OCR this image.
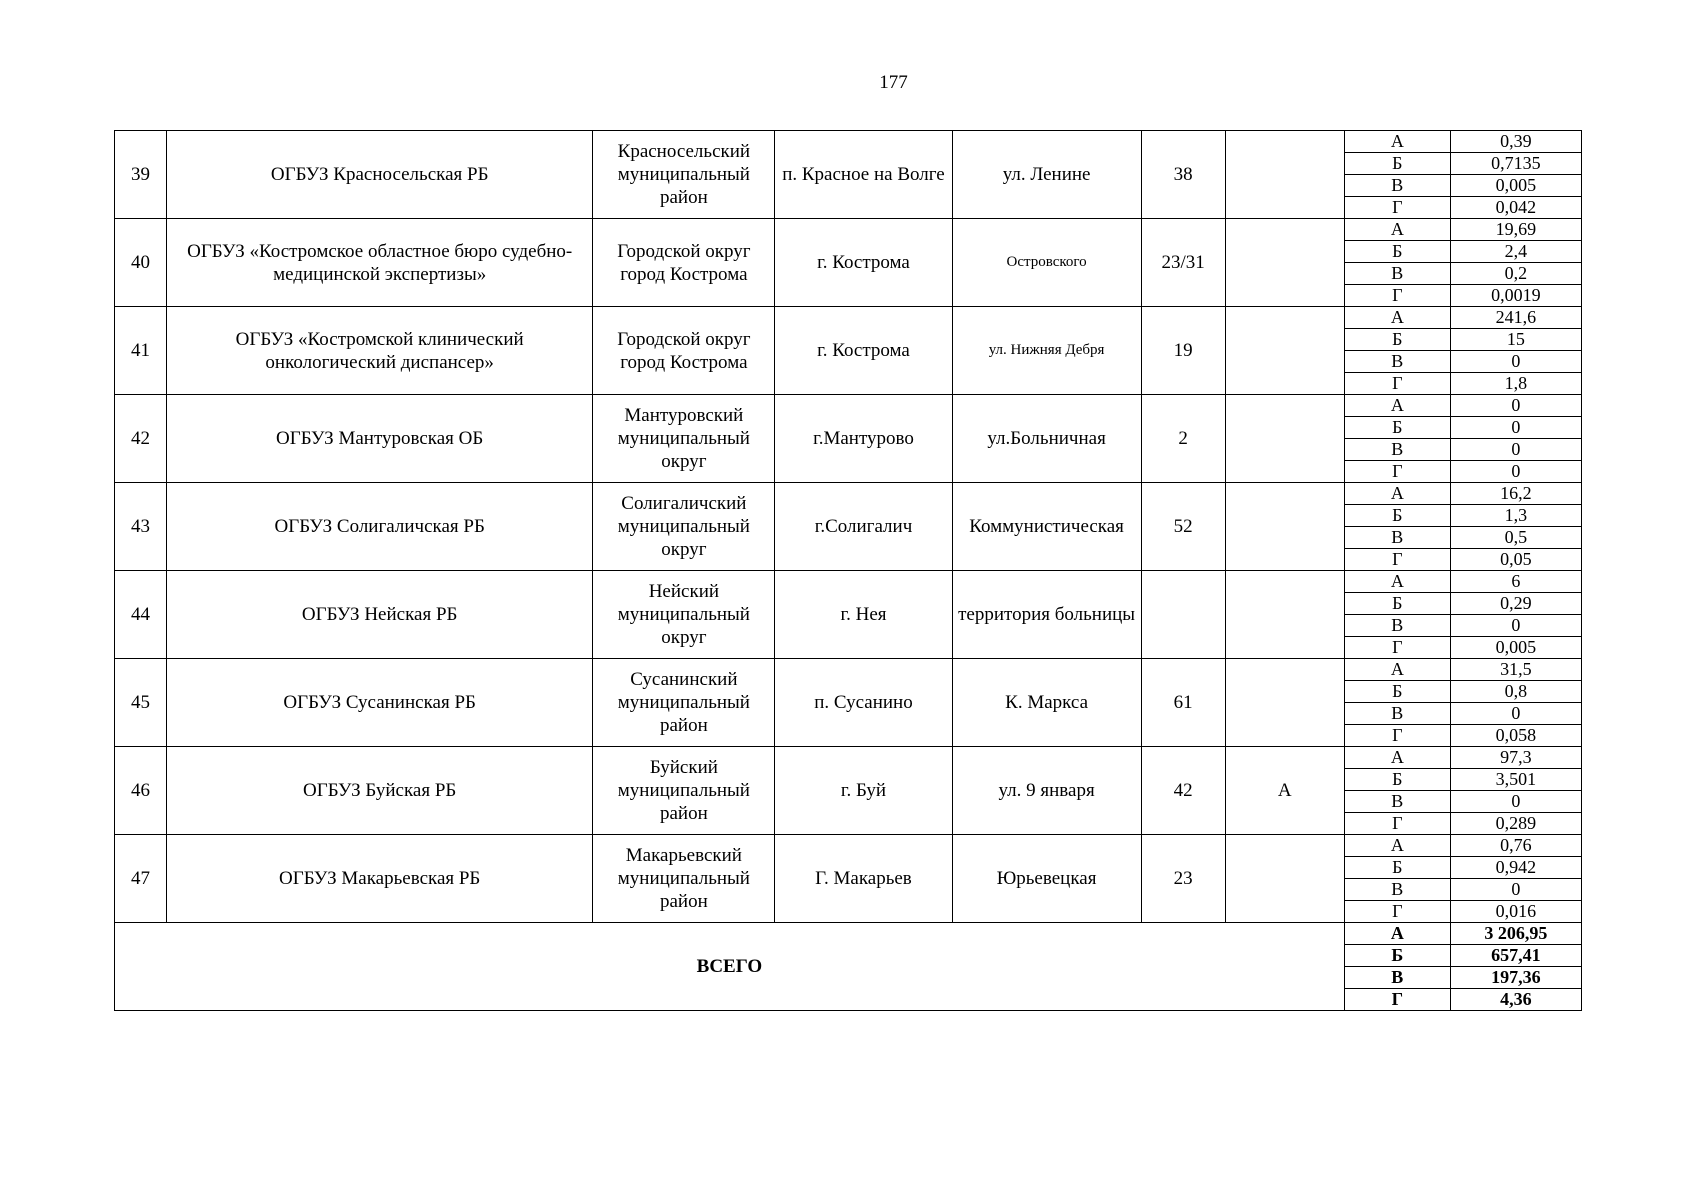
177
39	ОГБУЗ Красносельская РБ	Красносельский муниципальный район	п. Красное на Волге	ул. Ленине	38		А	0,39
							Б	0,7135
							В	0,005
							Г	0,042
40	ОГБУЗ «Костромское областное бюро судебно-медицинской экспертизы»	Городской округ город Кострома	г. Кострома	Островского	23/31		А	19,69
							Б	2,4
							В	0,2
							Г	0,0019
41	ОГБУЗ «Костромской клинический онкологический диспансер»	Городской округ город Кострома	г. Кострома	ул. Нижняя Дебря	19		А	241,6
							Б	15
							В	0
							Г	1,8
42	ОГБУЗ Мантуровская ОБ	Мантуровский муниципальный округ	г.Мантурово	ул.Больничная	2		А	0
							Б	0
							В	0
							Г	0
43	ОГБУЗ Солигаличская РБ	Солигаличский муниципальный округ	г.Солигалич	Коммунистическая	52		А	16,2
							Б	1,3
							В	0,5
							Г	0,05
44	ОГБУЗ Нейская РБ	Нейский муниципальный округ	г. Нея	территория больницы			А	6
							Б	0,29
							В	0
							Г	0,005
45	ОГБУЗ Сусанинская РБ	Сусанинский муниципальный район	п. Сусанино	К. Маркса	61		А	31,5
							Б	0,8
							В	0
							Г	0,058
46	ОГБУЗ Буйская РБ	Буйский муниципальный район	г. Буй	ул. 9 января	42	А	А	97,3
							Б	3,501
							В	0
							Г	0,289
47	ОГБУЗ Макарьевская РБ	Макарьевский муниципальный район	Г. Макарьев	Юрьевецкая	23		А	0,76
							Б	0,942
							В	0
							Г	0,016
ВСЕГО							А	3 206,95
							Б	657,41
							В	197,36
							Г	4,36
